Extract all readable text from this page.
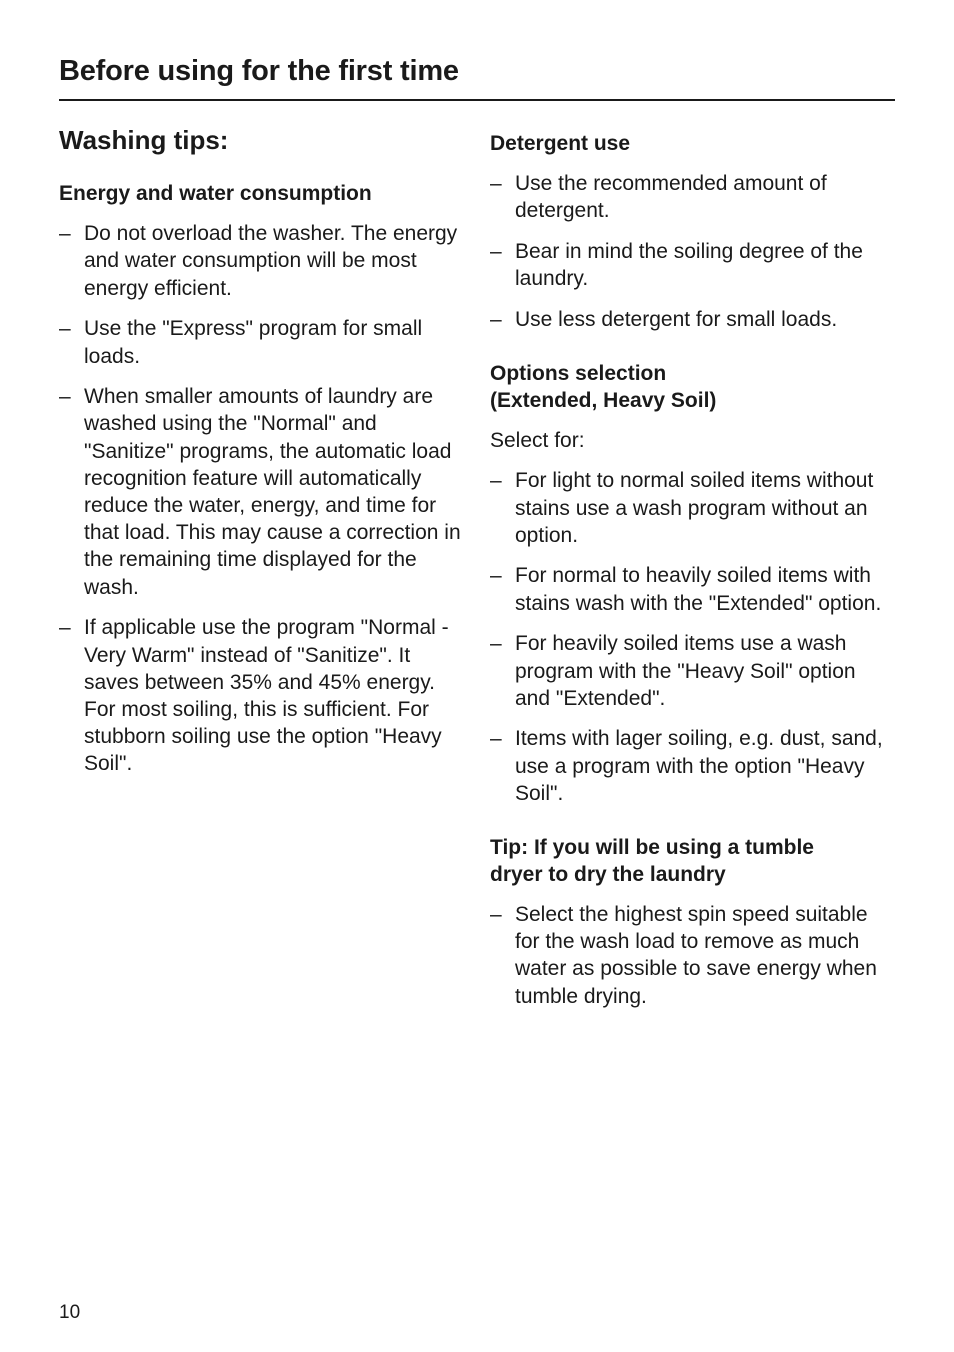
Before using for the first time
Washing tips:
Energy and water consumption
– Do not overload the washer. The energy and water consumption will be most energy efficient.
– Use the "Express" program for small loads.
– When smaller amounts of laundry are washed using the "Normal" and "Sanitize" programs, the automatic load recognition feature will automatically reduce the water, energy, and time for that load. This may cause a correction in the remaining time displayed for the wash.
– If applicable use the program "Normal - Very Warm" instead of "Sanitize". It saves between 35% and 45% energy. For most soiling, this is sufficient. For stubborn soiling use the option "Heavy Soil".
Detergent use
– Use the recommended amount of detergent.
– Bear in mind the soiling degree of the laundry.
– Use less detergent for small loads.
Options selection
(Extended, Heavy Soil)

Select for:

– For light to normal soiled items without stains use a wash program without an option.
– For normal to heavily soiled items with stains wash with the "Extended" option.
– For heavily soiled items use a wash program with the "Heavy Soil" option and "Extended".
– Items with lager soiling, e.g. dust, sand, use a program with the option "Heavy Soil".
Tip: If you will be using a tumble
dryer to dry the laundry
– Select the highest spin speed suitable for the wash load to remove as much water as possible to save energy when tumble drying.
10
